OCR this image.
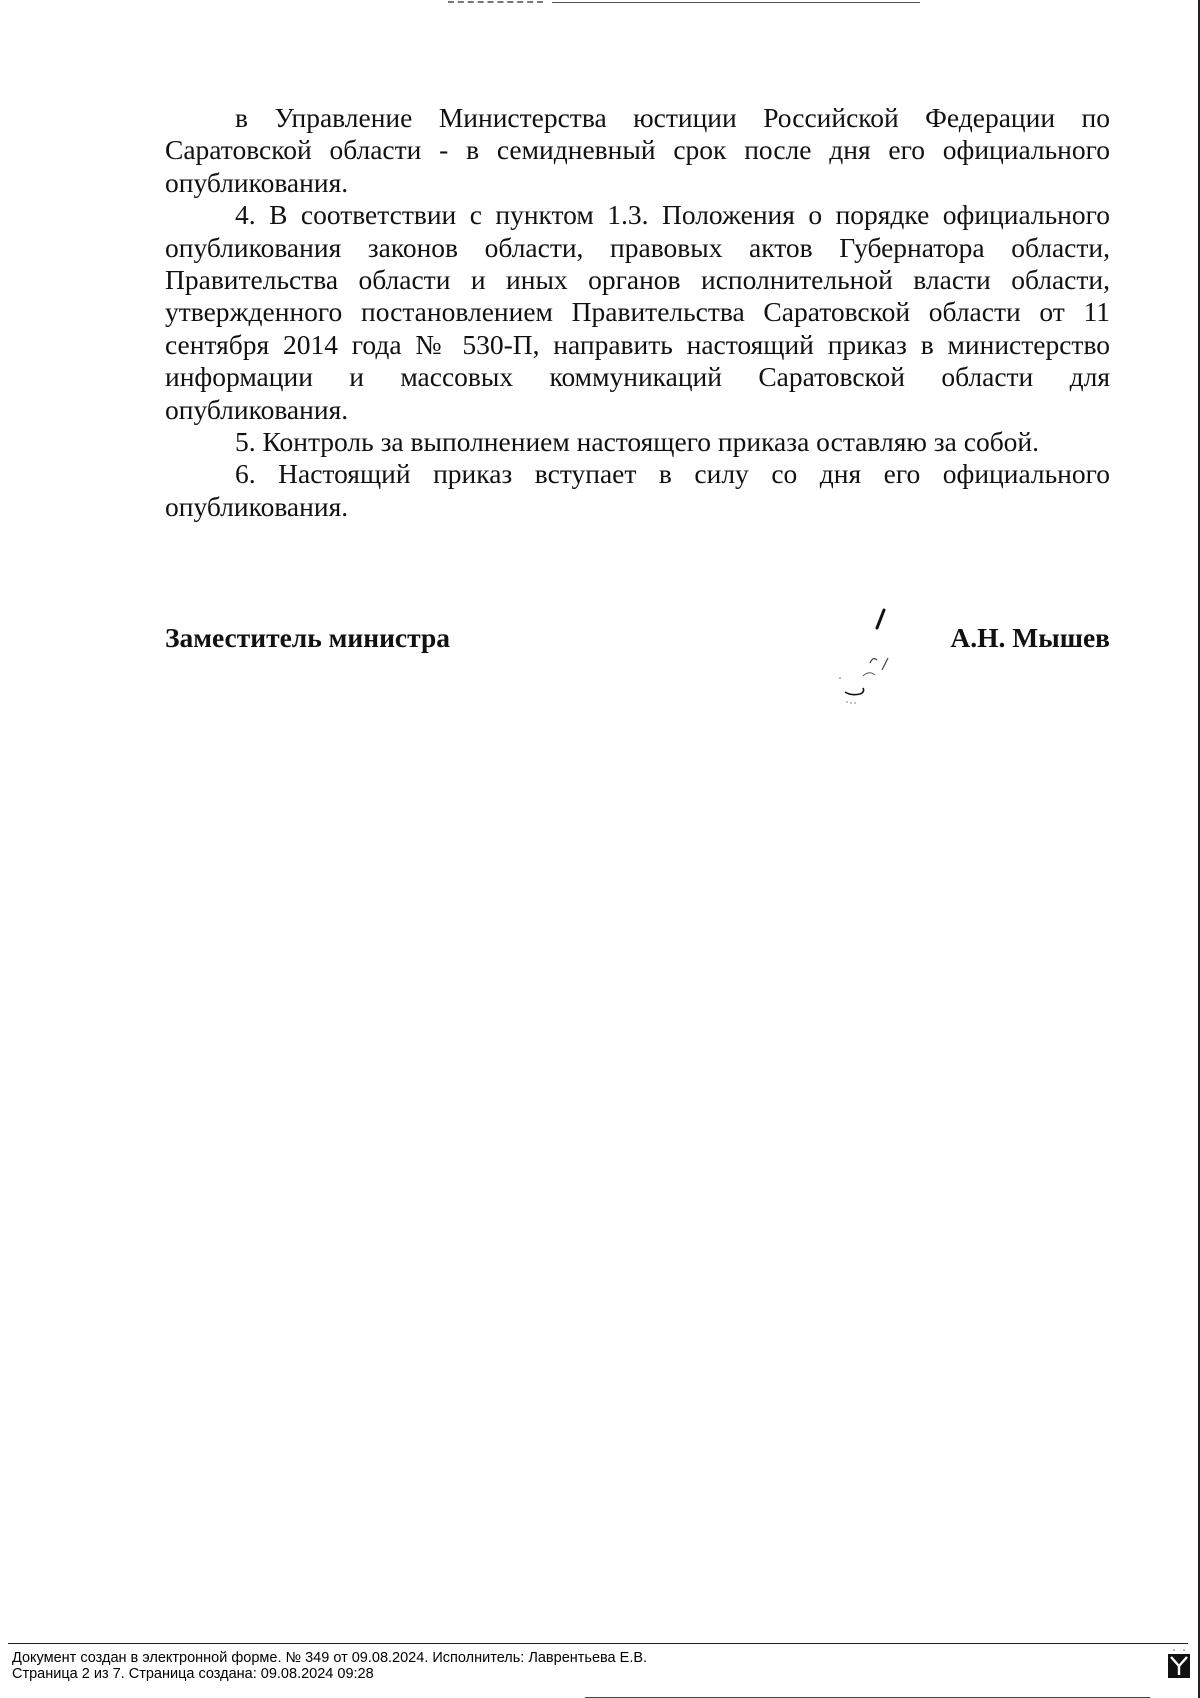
в Управление Министерства юстиции Российской Федерации по Саратовской области - в семидневный срок после дня его официального опубликования.

4. В соответствии с пунктом 1.3. Положения о порядке официального опубликования законов области, правовых актов Губернатора области, Правительства области и иных органов исполнительной власти области, утвержденного постановлением Правительства Саратовской области от 11 сентября 2014 года № 530-П, направить настоящий приказ в министерство информации и массовых коммуникаций Саратовской области для опубликования.

5. Контроль за выполнением настоящего приказа оставляю за собой.

6. Настоящий приказ вступает в силу со дня его официального опубликования.

Заместитель министра	А.Н. Мышев
Документ создан в электронной форме. № 349 от 09.08.2024. Исполнитель: Лаврентьева Е.В.
Страница 2 из 7. Страница создана: 09.08.2024 09:28
